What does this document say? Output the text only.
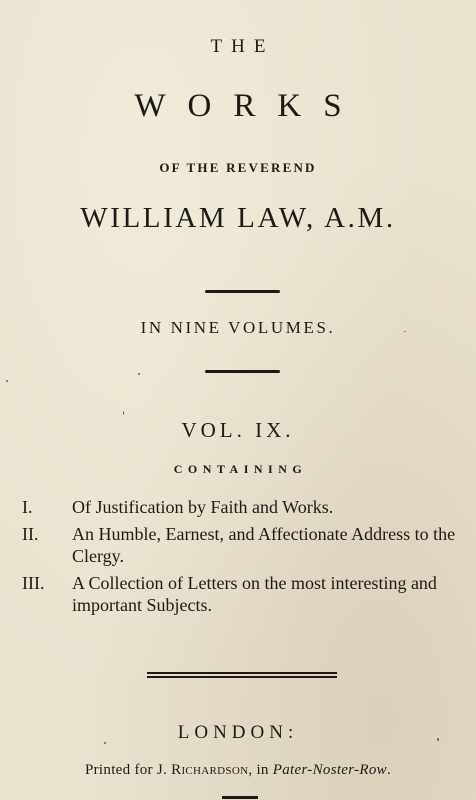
THE
WORKS
OF THE REVEREND
WILLIAM LAW, A.M.
IN NINE VOLUMES.
VOL. IX.
CONTAINING
I. Of Justification by Faith and Works.
II. An Humble, Earnest, and Affectionate Address to the Clergy.
III. A Collection of Letters on the most interesting and important Subjects.
LONDON:
Printed for J. Richardson, in Pater-Noster-Row.
